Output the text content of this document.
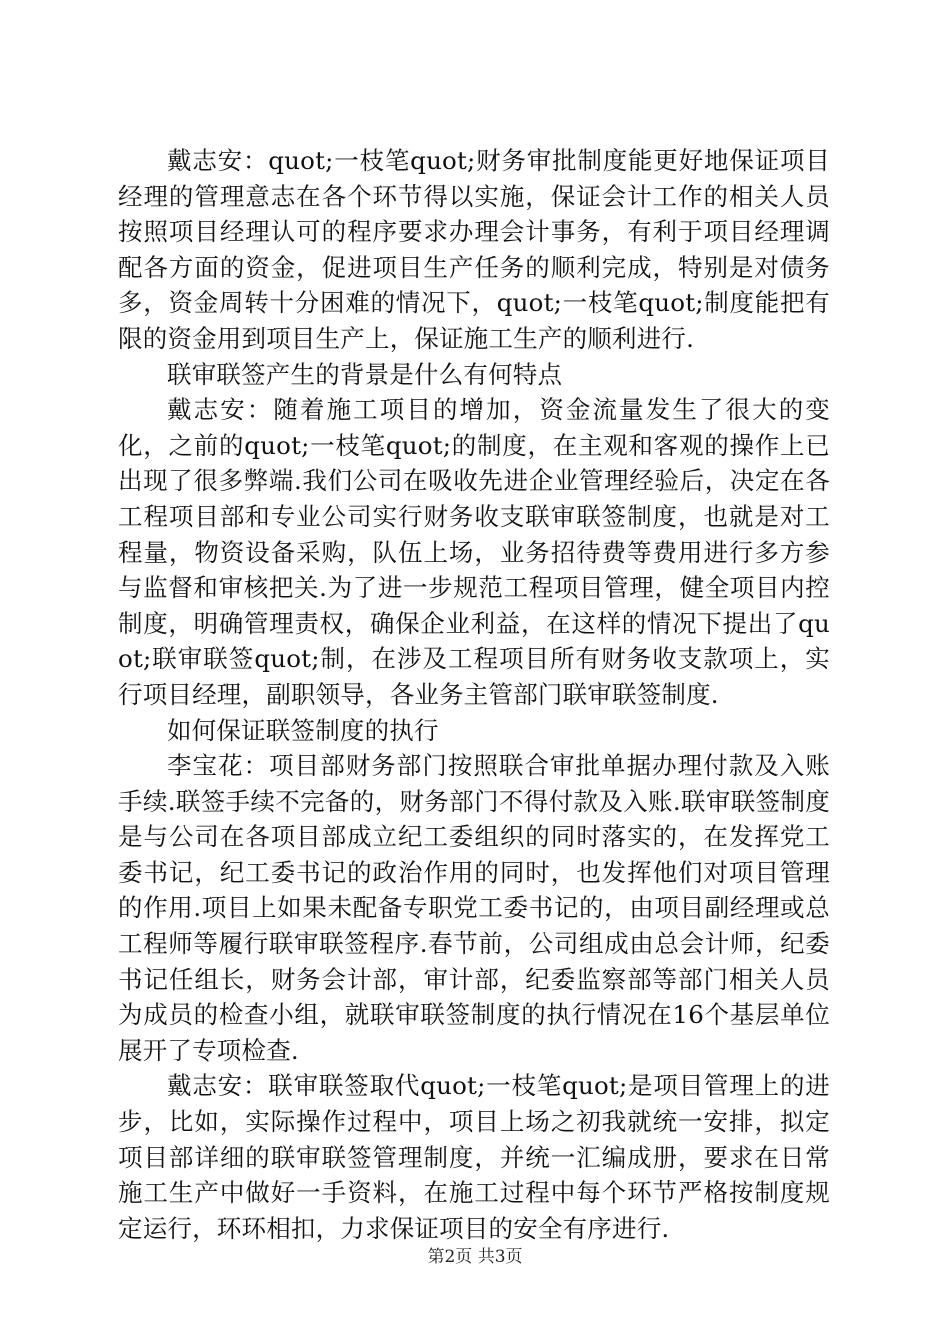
戴志安：quot;一枝笔quot;财务审批制度能更好地保证项目经理的管理意志在各个环节得以实施，保证会计工作的相关人员按照项目经理认可的程序要求办理会计事务，有利于项目经理调配各方面的资金，促进项目生产任务的顺利完成，特别是对债务多，资金周转十分困难的情况下，quot;一枝笔quot;制度能把有限的资金用到项目生产上，保证施工生产的顺利进行.

联审联签产生的背景是什么有何特点

戴志安：随着施工项目的增加，资金流量发生了很大的变化，之前的quot;一枝笔quot;的制度，在主观和客观的操作上已出现了很多弊端.我们公司在吸收先进企业管理经验后，决定在各工程项目部和专业公司实行财务收支联审联签制度，也就是对工程量，物资设备采购，队伍上场，业务招待费等费用进行多方参与监督和审核把关.为了进一步规范工程项目管理，健全项目内控制度，明确管理责权，确保企业利益，在这样的情况下提出了quot;联审联签quot;制，在涉及工程项目所有财务收支款项上，实行项目经理，副职领导，各业务主管部门联审联签制度.

如何保证联签制度的执行

李宝花：项目部财务部门按照联合审批单据办理付款及入账手续.联签手续不完备的，财务部门不得付款及入账.联审联签制度是与公司在各项目部成立纪工委组织的同时落实的，在发挥党工委书记，纪工委书记的政治作用的同时，也发挥他们对项目管理的作用.项目上如果未配备专职党工委书记的，由项目副经理或总工程师等履行联审联签程序.春节前，公司组成由总会计师，纪委书记任组长，财务会计部，审计部，纪委监察部等部门相关人员为成员的检查小组，就联审联签制度的执行情况在16个基层单位展开了专项检查.

戴志安：联审联签取代quot;一枝笔quot;是项目管理上的进步，比如，实际操作过程中，项目上场之初我就统一安排，拟定项目部详细的联审联签管理制度，并统一汇编成册，要求在日常施工生产中做好一手资料，在施工过程中每个环节严格按制度规定运行，环环相扣，力求保证项目的安全有序进行.

第2页 共3页
